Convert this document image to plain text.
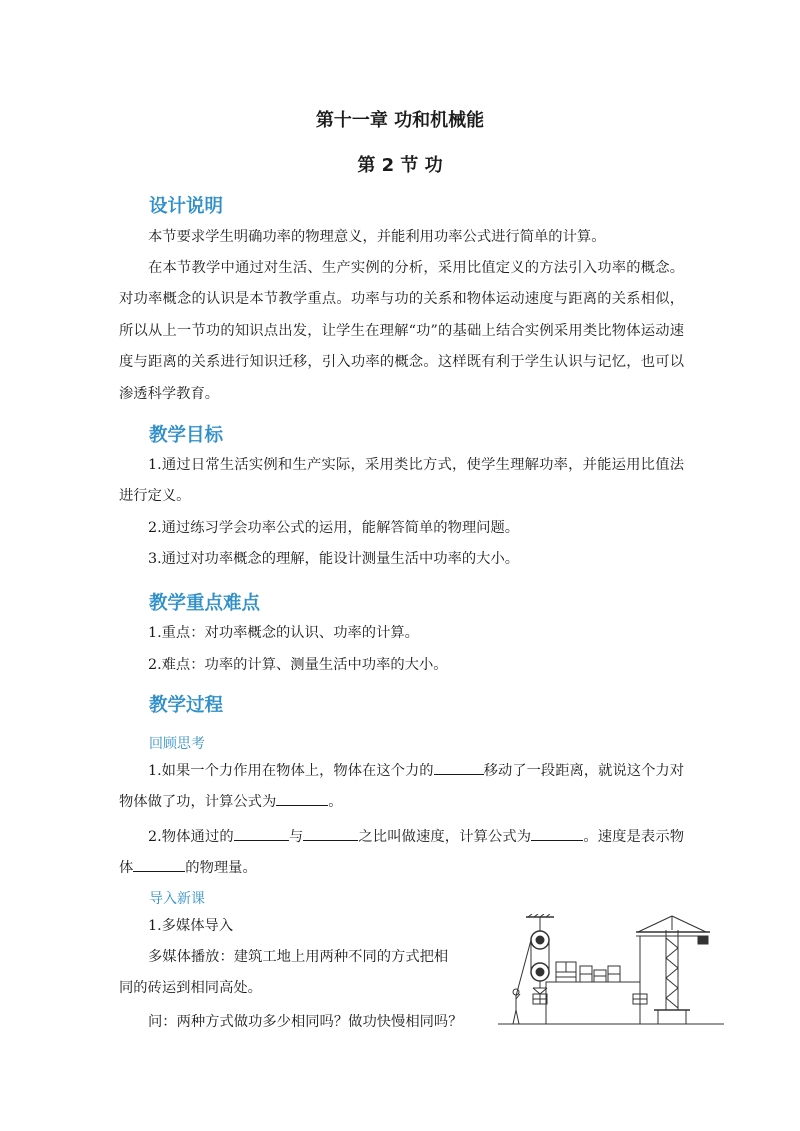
第十一章 功和机械能
第 2 节 功
设计说明

本节要求学生明确功率的物理意义，并能利用功率公式进行简单的计算。

在本节教学中通过对生活、生产实例的分析，采用比值定义的方法引入功率的概念。对功率概念的认识是本节教学重点。功率与功的关系和物体运动速度与距离的关系相似，所以从上一节功的知识点出发，让学生在理解“功”的基础上结合实例采用类比物体运动速度与距离的关系进行知识迁移，引入功率的概念。这样既有利于学生认识与记忆，也可以渗透科学教育。

教学目标

1.通过日常生活实例和生产实际，采用类比方式，使学生理解功率，并能运用比值法进行定义。

2.通过练习学会功率公式的运用，能解答简单的物理问题。

3.通过对功率概念的理解，能设计测量生活中功率的大小。

教学重点难点

1.重点：对功率概念的认识、功率的计算。

2.难点：功率的计算、测量生活中功率的大小。

教学过程
回顾思考

1.如果一个力作用在物体上，物体在这个力的	移动了一段距离，就说这个力对物体做了功，计算公式为	。

2.物体通过的	与	之比叫做速度，计算公式为	。速度是表示物体	的物理量。

导入新课

1.多媒体导入

多媒体播放：建筑工地上用两种不同的方式把相同的砖运到相同高处。

问：两种方式做功多少相同吗？做功快慢相同吗？
